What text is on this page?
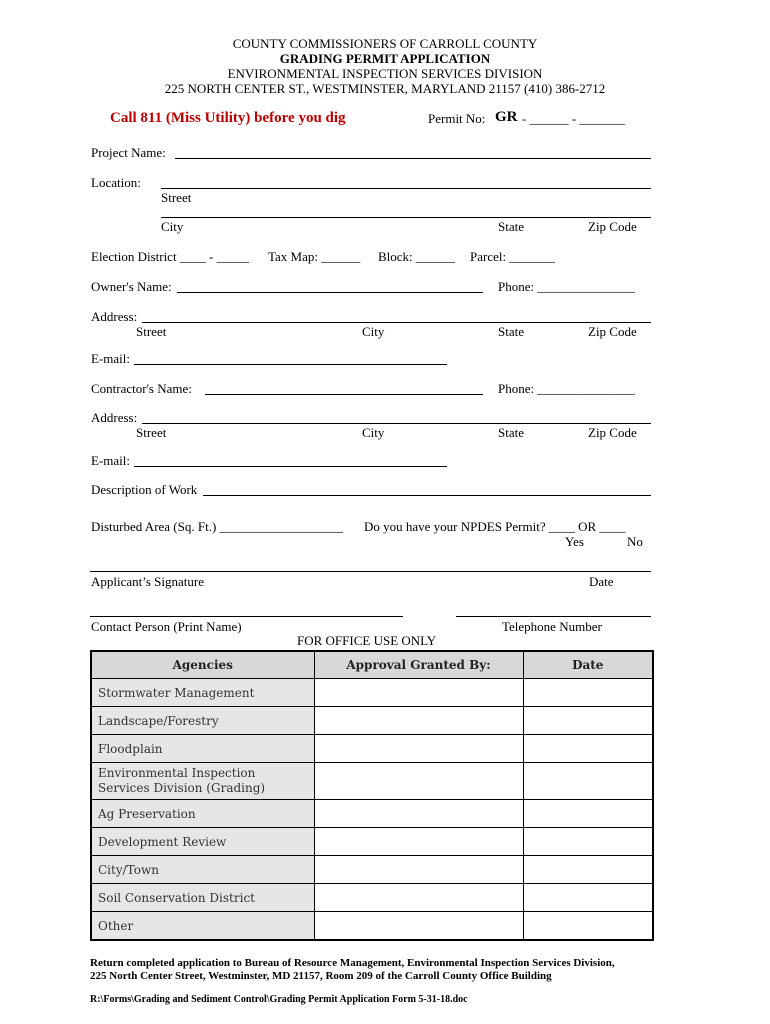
COUNTY COMMISSIONERS OF CARROLL COUNTY
GRADING PERMIT APPLICATION
ENVIRONMENTAL INSPECTION SERVICES DIVISION
225 NORTH CENTER ST., WESTMINSTER, MARYLAND 21157 (410) 386-2712
Call 811 (Miss Utility) before you dig	Permit No: GR - ______ - _______
Project Name:
Location:
Street
City	State	Zip Code
Election District ____ - _____ Tax Map: ______ Block: ______ Parcel: _______
Owner's Name:	Phone: _______________
Address:
Street	City	State	Zip Code
E-mail:
Contractor's Name:	Phone: _______________
Address:
Street	City	State	Zip Code
E-mail:
Description of Work
Disturbed Area (Sq. Ft.) ___________________ Do you have your NPDES Permit? ____ OR ____
Yes	No
Applicant’s Signature	Date
Contact Person (Print Name)	Telephone Number
FOR OFFICE USE ONLY
Agencies	Approval Granted By:	Date
Stormwater Management		
Landscape/Forestry		
Floodplain		
Environmental Inspection Services Division (Grading)		
Ag Preservation		
Development Review		
City/Town		
Soil Conservation District		
Other		
Return completed application to Bureau of Resource Management, Environmental Inspection Services Division,
225 North Center Street, Westminster, MD 21157, Room 209 of the Carroll County Office Building
R:\Forms\Grading and Sediment Control\Grading Permit Application Form 5-31-18.doc
